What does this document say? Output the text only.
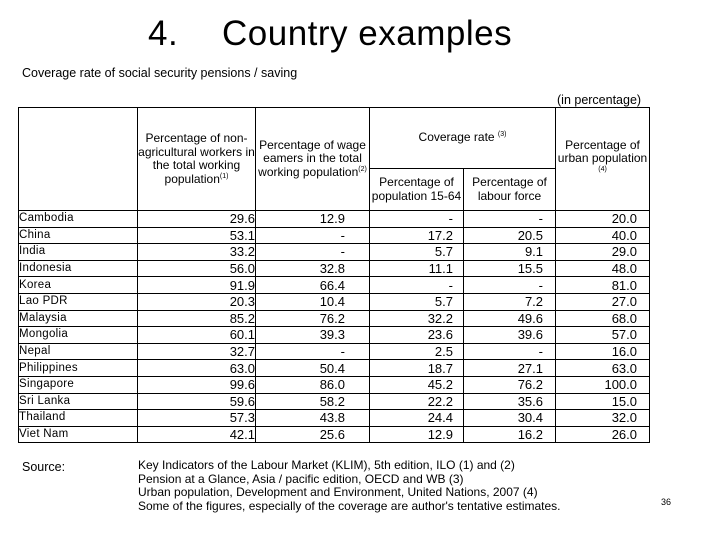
4. Country examples
Coverage rate of social security pensions / saving
(in percentage)
	Percentage of non-agricultural workers in the total working population$^{(1)}$	Percentage of wage eamers in the total working population$^{(2)}$	Coverage rate $^{(3)}$		Percentage of urban population $^{(4)}$
			Percentage of population 15-64	Percentage of labour force	
Cambodia	29.6	12.9	-	-	20.0
China	53.1	-	17.2	20.5	40.0
India	33.2	-	5.7	9.1	29.0
Indonesia	56.0	32.8	11.1	15.5	48.0
Korea	91.9	66.4	-	-	81.0
Lao PDR	20.3	10.4	5.7	7.2	27.0
Malaysia	85.2	76.2	32.2	49.6	68.0
Mongolia	60.1	39.3	23.6	39.6	57.0
Nepal	32.7	-	2.5	-	16.0
Philippines	63.0	50.4	18.7	27.1	63.0
Singapore	99.6	86.0	45.2	76.2	100.0
Sri Lanka	59.6	58.2	22.2	35.6	15.0
Thailand	57.3	43.8	24.4	30.4	32.0
Viet Nam	42.1	25.6	12.9	16.2	26.0
Source:	Key Indicators of the Labour Market (KLIM), 5th edition, ILO (1) and (2)
Pension at a Glance, Asia / pacific edition, OECD and WB (3)
Urban population, Development and Environment, United Nations, 2007 (4)
Some of the figures, especially of the coverage are author's tentative estimates.	36
